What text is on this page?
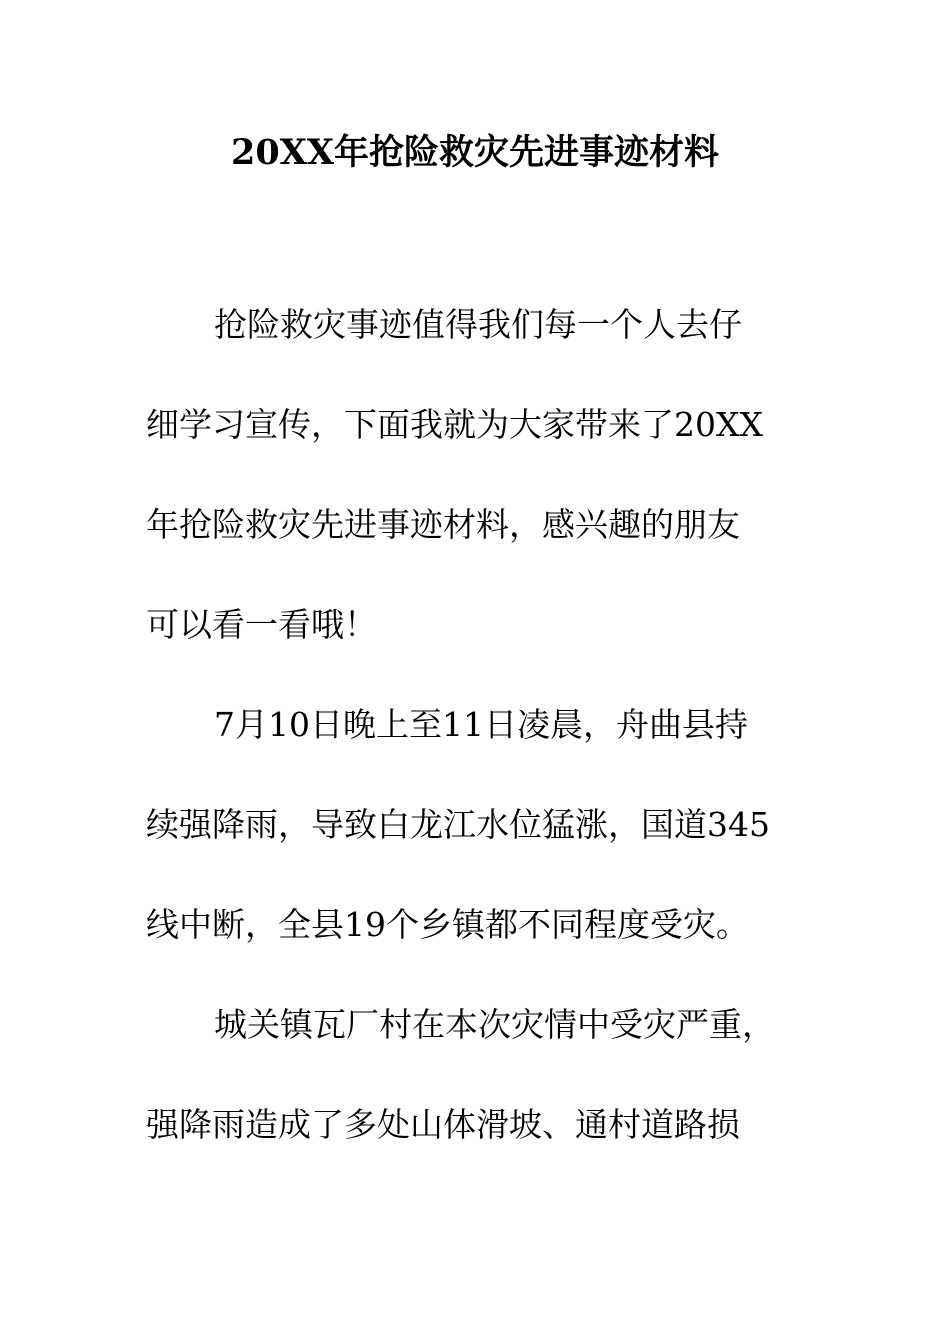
20XX年抢险救灾先进事迹材料
抢险救灾事迹值得我们每一个人去仔
细学习宣传，下面我就为大家带来了20XX
年抢险救灾先进事迹材料，感兴趣的朋友
可以看一看哦！
7月10日晚上至11日凌晨，舟曲县持
续强降雨，导致白龙江水位猛涨，国道345
线中断，全县19个乡镇都不同程度受灾。
城关镇瓦厂村在本次灾情中受灾严重，
强降雨造成了多处山体滑坡、通村道路损
